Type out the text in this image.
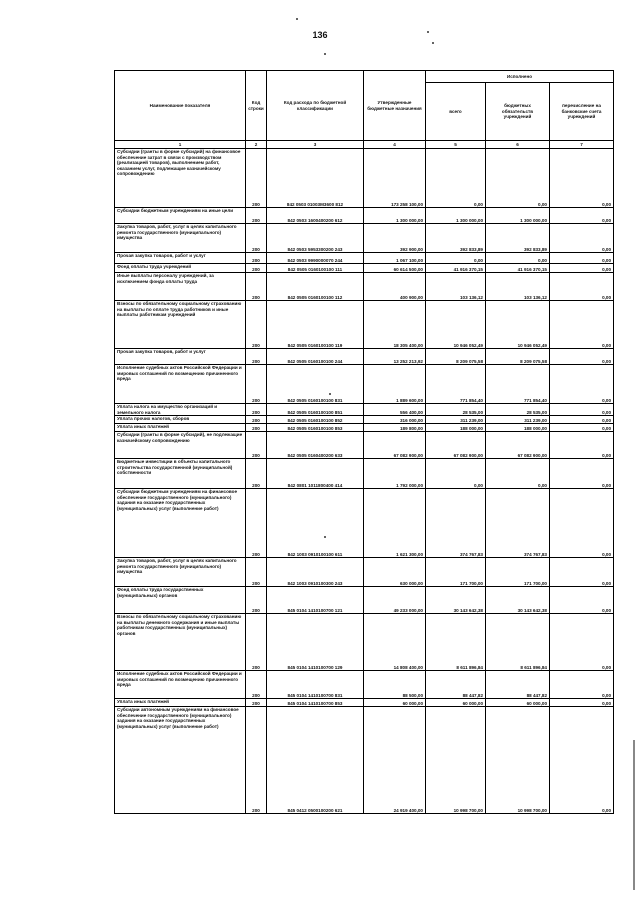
136
Наименование показателя	Код строки	Код расхода по бюджетной классификации	Утвержденные бюджетные назначения	Исполнено		
				всего	бюджетных обязательств учреждений	перечисление на банковские счета учреждений
1	2	3	4	5	6	7
Субсидии (гранты в форме субсидий) на финансовое обеспечение затрат в связи с производством (реализацией товаров), выполнением работ, оказанием услуг, подлежащие казначейскому сопровождению	200	842 0503 01003M3600 812	173 258 100,00	0,00	0,00	0,00
Субсидии бюджетным учреждениям на иные цели	200	842 0503 1600400200 612	1 300 000,00	1 300 000,00	1 300 000,00	0,00
Закупка товаров, работ, услуг в целях капитального ремонта государственного (муниципального) имущества	200	842 0503 5953300200 243	392 900,00	392 833,89	392 833,89	0,00
Прочая закупка товаров, работ и услуг	200	842 0503 9990000070 244	1 067 100,00	0,00	0,00	0,00
Фонд оплаты труда учреждений	200	842 0505 0160100100 111	60 614 500,00	41 916 370,15	41 916 370,15	0,00
Иные выплаты персоналу учреждений, за исключением фонда оплаты труда	200	842 0505 0160100100 112	400 900,00	103 136,12	103 136,12	0,00
Взносы по обязательному социальному страхованию на выплаты по оплате труда работников и иные выплаты работникам учреждений	200	842 0505 0160100100 119	18 305 400,00	10 946 052,49	10 946 052,49	0,00
Прочая закупка товаров, работ и услуг	200	842 0505 0160100100 244	13 252 213,92	8 209 075,58	8 209 075,58	0,00
Исполнение судебных актов Российской Федерации и мировых соглашений по возмещению причиненного вреда	200	842 0505 0160100100 831	1 889 600,00	771 854,40	771 854,40	0,00
Уплата налога на имущество организаций и земельного налога	200	842 0505 0160100100 851	556 400,00	28 535,00	28 535,00	0,00
Уплата прочих налогов, сборов	200	842 0505 0160100100 852	316 000,00	311 239,00	311 239,00	0,00
Уплата иных платежей	200	842 0505 0160100100 853	189 800,00	188 000,00	188 000,00	0,00
Субсидии (гранты в форме субсидий), не подлежащие казначейскому сопровождению	200	842 0505 0160400200 633	67 082 900,00	67 082 900,00	67 082 900,00	0,00
Бюджетные инвестиции в объекты капитального строительства государственной (муниципальной) собственности	200	842 0801 1011800400 414	1 792 000,00	0,00	0,00	0,00
Субсидии бюджетным учреждениям на финансовое обеспечение государственного (муниципального) задания на оказание государственных (муниципальных) услуг (выполнение работ)	200	842 1003 0910100100 611	1 621 300,00	374 767,83	374 767,83	0,00
Закупка товаров, работ, услуг в целях капитального ремонта государственного (муниципального) имущества	200	842 1003 0910100300 243	630 000,00	171 700,00	171 700,00	0,00
Фонд оплаты труда государственных (муниципальных) органов	200	845 0104 1410100700 121	49 233 000,00	30 143 642,38	30 143 642,38	0,00
Взносы по обязательному социальному страхованию на выплаты денежного содержания и иные выплаты работникам государственных (муниципальных) органов	200	845 0104 1410100700 129	14 808 400,00	8 611 896,84	8 611 896,84	0,00
Исполнение судебных актов Российской Федерации и мировых соглашений по возмещению причиненного вреда	200	845 0104 1410100700 831	88 500,00	88 447,82	88 447,82	0,00
Уплата иных платежей	200	845 0104 1410100700 853	60 000,00	60 000,00	60 000,00	0,00
Субсидии автономным учреждениям на финансовое обеспечение государственного (муниципального) задания на оказание государственных (муниципальных) услуг (выполнение работ)	200	845 0412 0500100200 621	24 919 400,00	10 998 700,00	10 998 700,00	0,00
